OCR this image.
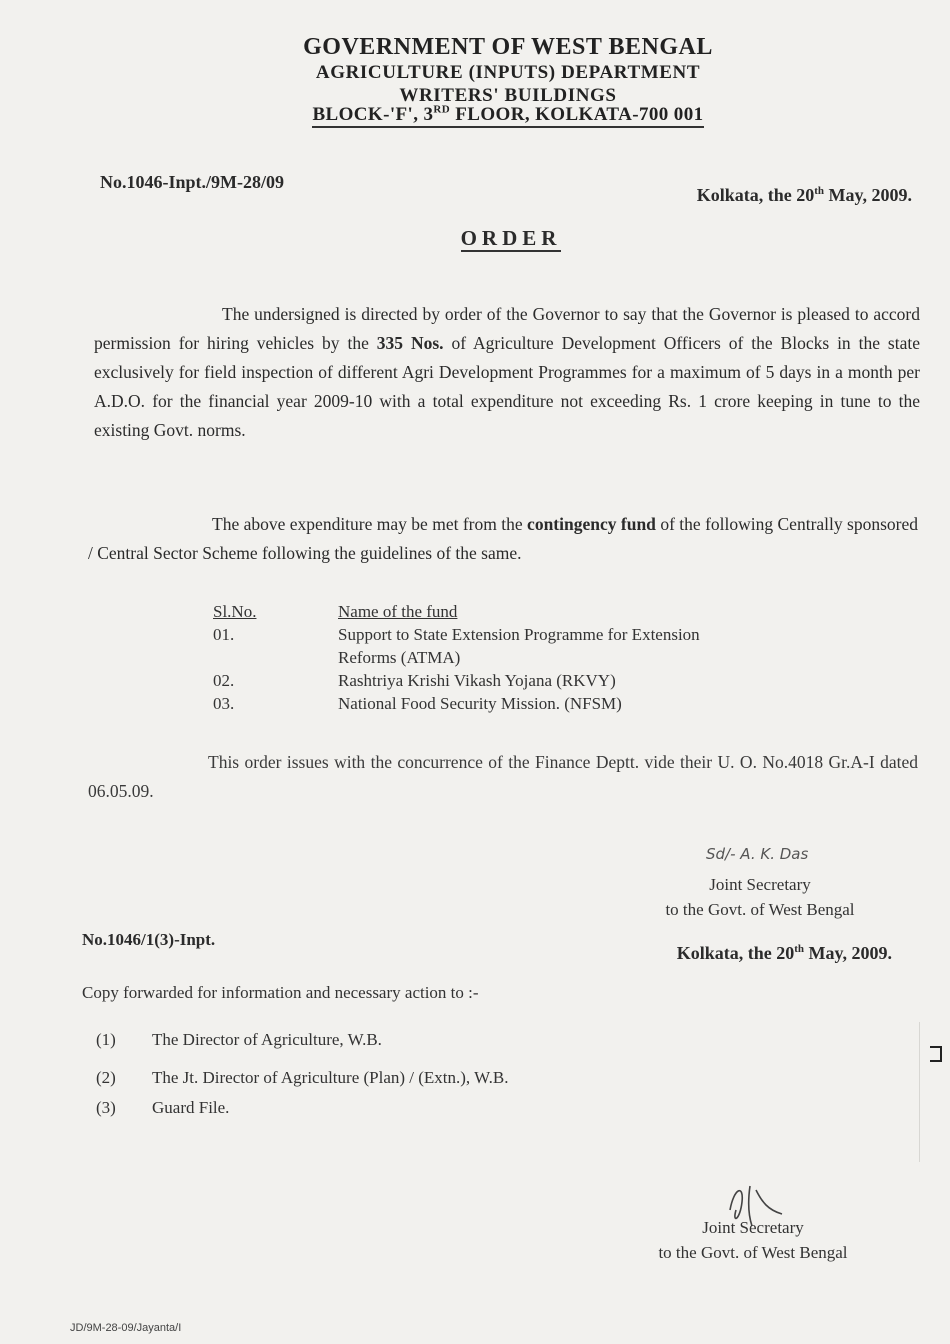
GOVERNMENT OF WEST BENGAL
AGRICULTURE (INPUTS) DEPARTMENT
WRITERS' BUILDINGS
BLOCK-'F', 3RD FLOOR, KOLKATA-700 001
No.1046-Inpt./9M-28/09
Kolkata, the 20th May, 2009.
ORDER
The undersigned is directed by order of the Governor to say that the Governor is pleased to accord permission for hiring vehicles by the 335 Nos. of Agriculture Development Officers of the Blocks in the state exclusively for field inspection of different Agri Development Programmes for a maximum of 5 days in a month per A.D.O. for the financial year 2009-10 with a total expenditure not exceeding Rs. 1 crore keeping in tune to the existing Govt. norms.
The above expenditure may be met from the contingency fund of the following Centrally sponsored / Central Sector Scheme following the guidelines of the same.
Sl.No.	Name of the fund
01.	Support to State Extension Programme for Extension Reforms (ATMA)
02.	Rashtriya Krishi Vikash Yojana (RKVY)
03.	National Food Security Mission. (NFSM)
This order issues with the concurrence of the Finance Deptt. vide their U. O. No.4018 Gr.A-I dated 06.05.09.
Sd/- A. K. Das
Joint Secretary
to the Govt. of West Bengal
No.1046/1(3)-Inpt.
Kolkata, the 20th May, 2009.
Copy forwarded for information and necessary action to :-
(1) The Director of Agriculture, W.B.
(2) The Jt. Director of Agriculture (Plan) / (Extn.), W.B.
(3) Guard File.
Joint Secretary
to the Govt. of West Bengal
JD/9M-28-09/Jayanta/I
